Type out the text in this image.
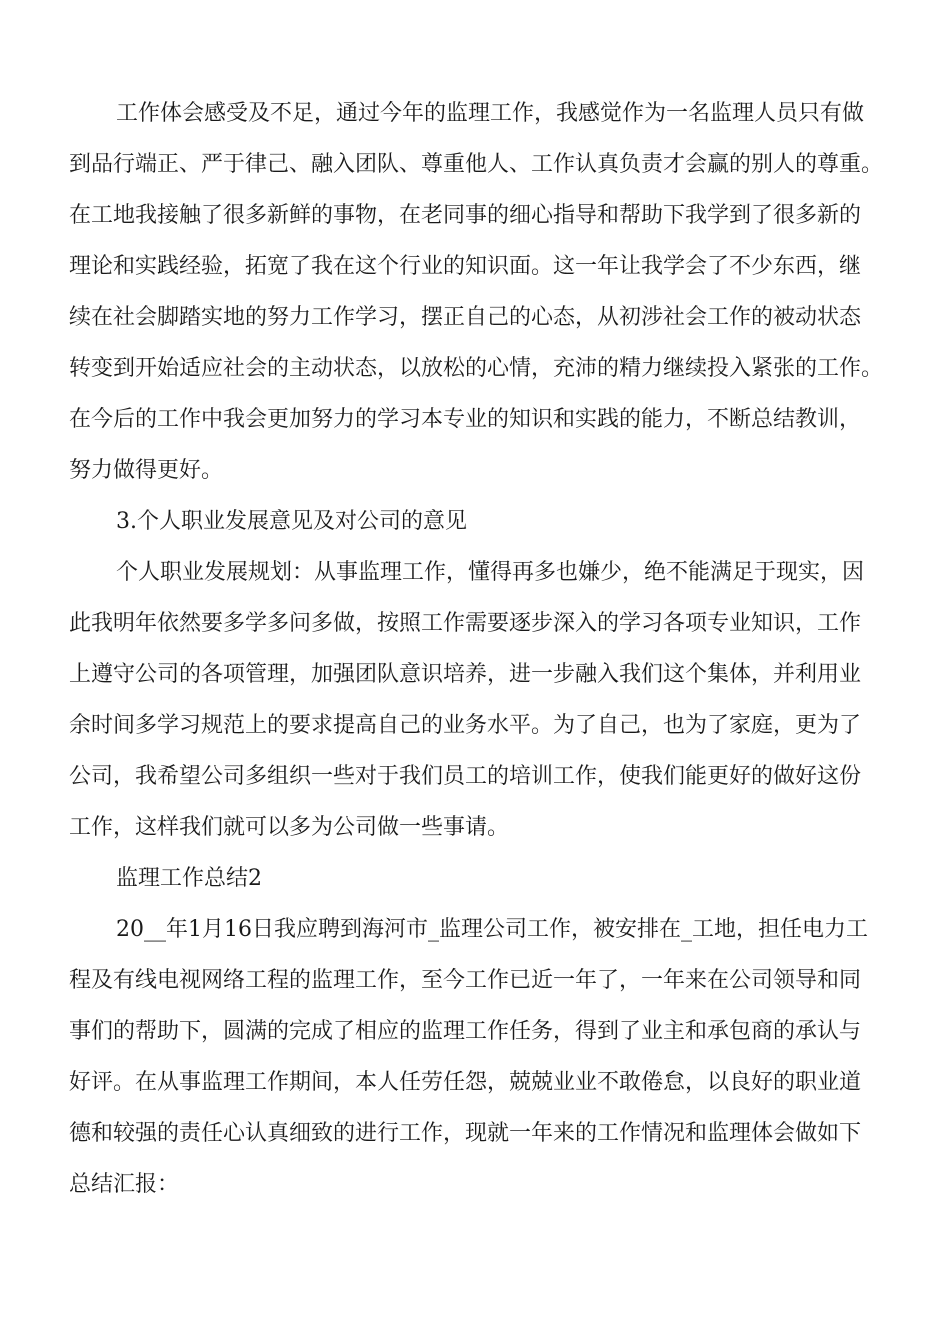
工作体会感受及不足，通过今年的监理工作，我感觉作为一名监理人员只有做
到品行端正、严于律己、融入团队、尊重他人、工作认真负责才会赢的别人的尊重。
在工地我接触了很多新鲜的事物，在老同事的细心指导和帮助下我学到了很多新的
理论和实践经验，拓宽了我在这个行业的知识面。这一年让我学会了不少东西，继
续在社会脚踏实地的努力工作学习，摆正自己的心态，从初涉社会工作的被动状态
转变到开始适应社会的主动状态，以放松的心情，充沛的精力继续投入紧张的工作。
在今后的工作中我会更加努力的学习本专业的知识和实践的能力，不断总结教训，
努力做得更好。
3.个人职业发展意见及对公司的意见
个人职业发展规划：从事监理工作，懂得再多也嫌少，绝不能满足于现实，因
此我明年依然要多学多问多做，按照工作需要逐步深入的学习各项专业知识，工作
上遵守公司的各项管理，加强团队意识培养，进一步融入我们这个集体，并利用业
余时间多学习规范上的要求提高自己的业务水平。为了自己，也为了家庭，更为了
公司，我希望公司多组织一些对于我们员工的培训工作，使我们能更好的做好这份
工作，这样我们就可以多为公司做一些事请。
监理工作总结2
20__年1月16日我应聘到海河市_监理公司工作，被安排在_工地，担任电力工
程及有线电视网络工程的监理工作，至今工作已近一年了，一年来在公司领导和同
事们的帮助下，圆满的完成了相应的监理工作任务，得到了业主和承包商的承认与
好评。在从事监理工作期间，本人任劳任怨，兢兢业业不敢倦怠，以良好的职业道
德和较强的责任心认真细致的进行工作，现就一年来的工作情况和监理体会做如下
总结汇报：
